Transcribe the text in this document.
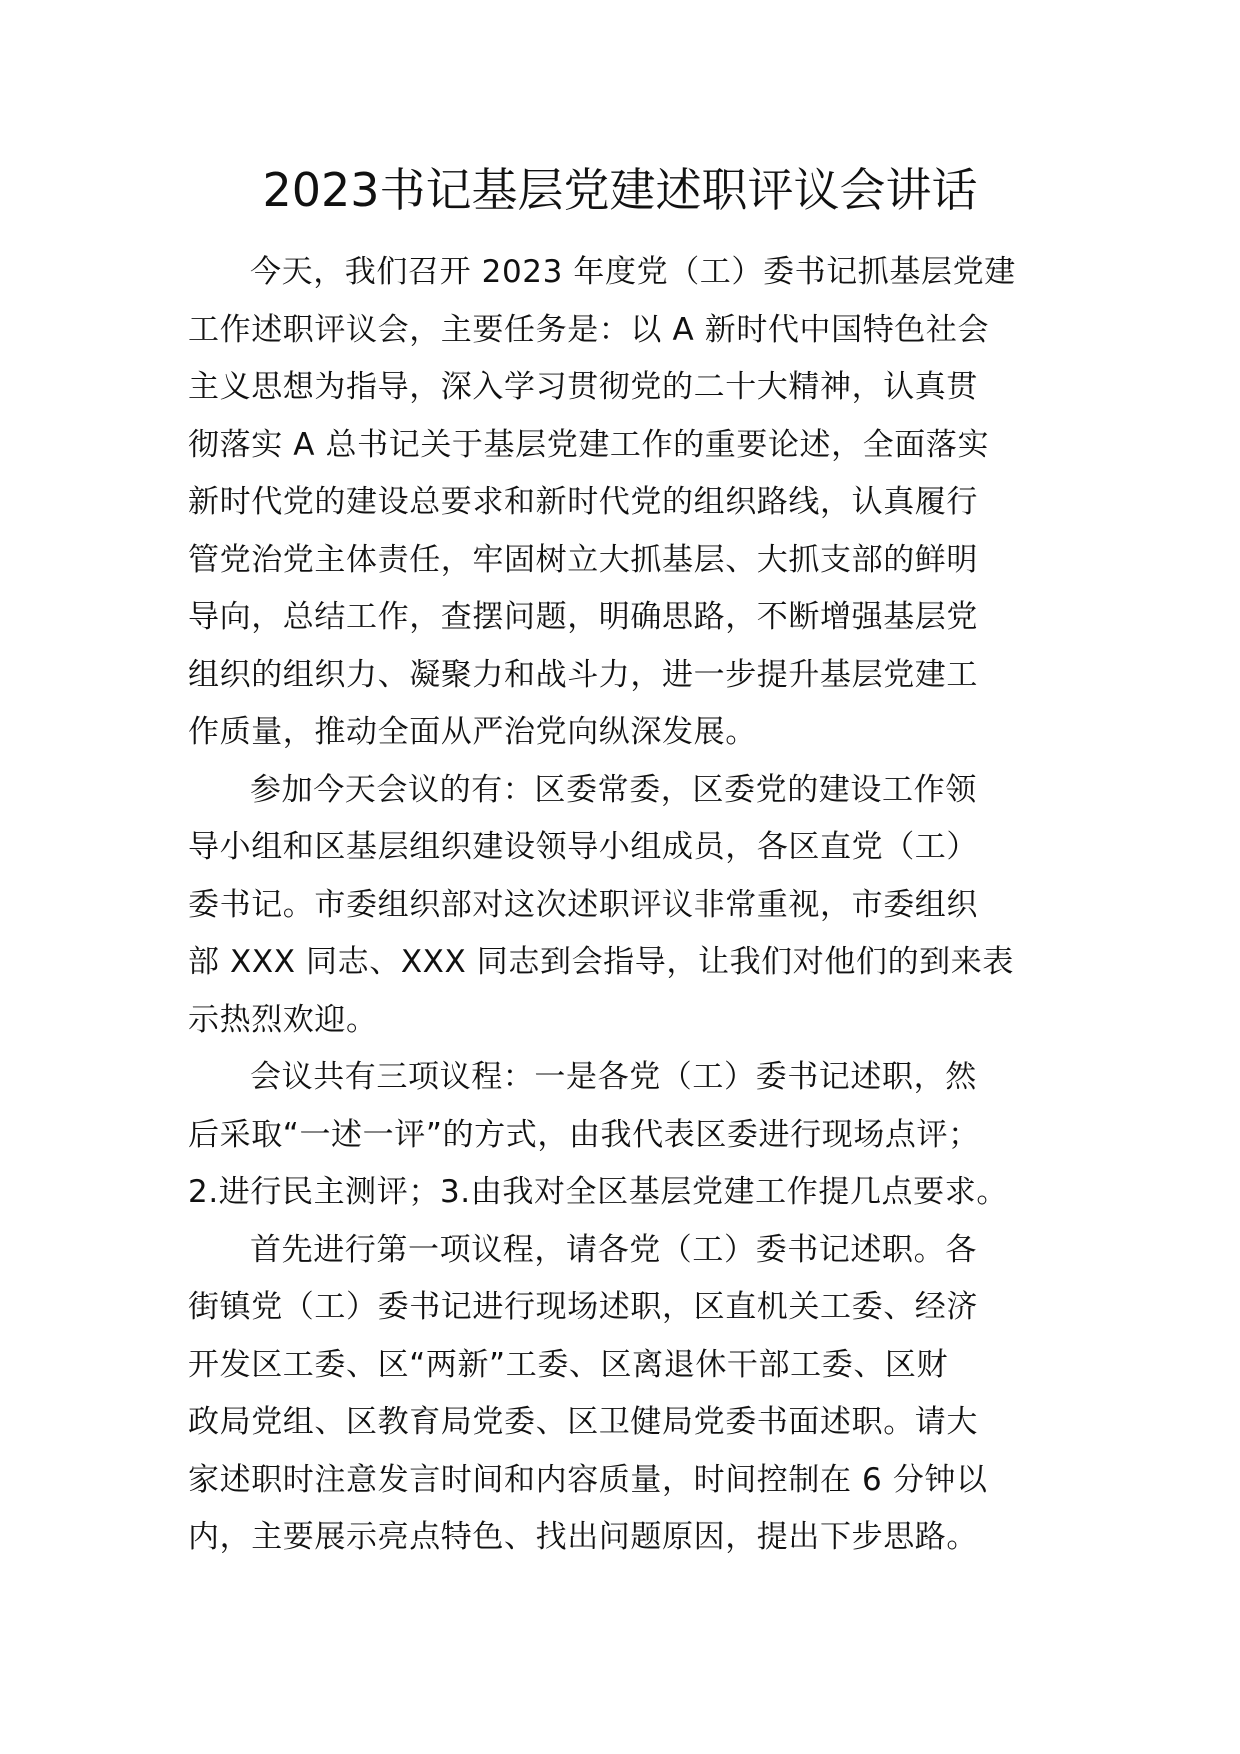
2023书记基层党建述职评议会讲话
今天，我们召开 2023 年度党（工）委书记抓基层党建
工作述职评议会，主要任务是：以 A 新时代中国特色社会
主义思想为指导，深入学习贯彻党的二十大精神，认真贯
彻落实 A 总书记关于基层党建工作的重要论述，全面落实
新时代党的建设总要求和新时代党的组织路线，认真履行
管党治党主体责任，牢固树立大抓基层、大抓支部的鲜明
导向，总结工作，查摆问题，明确思路，不断增强基层党
组织的组织力、凝聚力和战斗力，进一步提升基层党建工
作质量，推动全面从严治党向纵深发展。
参加今天会议的有：区委常委，区委党的建设工作领
导小组和区基层组织建设领导小组成员，各区直党（工）
委书记。市委组织部对这次述职评议非常重视，市委组织
部 XXX 同志、XXX 同志到会指导，让我们对他们的到来表
示热烈欢迎。
会议共有三项议程：一是各党（工）委书记述职，然
后采取“一述一评”的方式，由我代表区委进行现场点评；
2.进行民主测评；3.由我对全区基层党建工作提几点要求。
首先进行第一项议程，请各党（工）委书记述职。各
街镇党（工）委书记进行现场述职，区直机关工委、经济
开发区工委、区“两新”工委、区离退休干部工委、区财
政局党组、区教育局党委、区卫健局党委书面述职。请大
家述职时注意发言时间和内容质量，时间控制在 6 分钟以
内，主要展示亮点特色、找出问题原因，提出下步思路。
